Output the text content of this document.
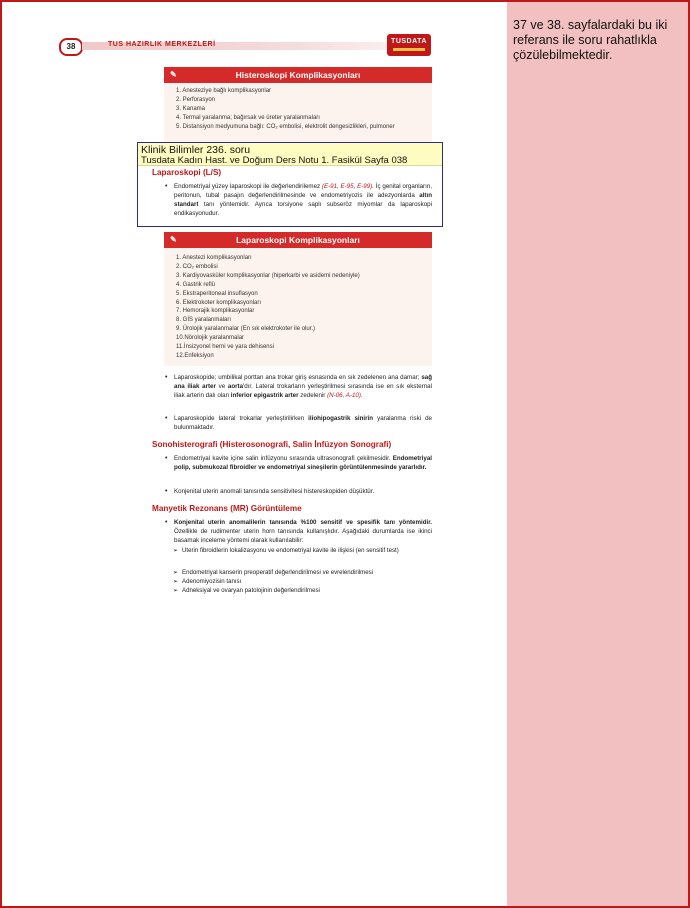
37 ve 38. sayfalardaki bu iki referans ile soru rahatlıkla çözülebilmektedir.
38	TUS HAZIRLIK MERKEZLERİ	TUSDATA
✎	Histeroskopi Komplikasyonları
1. Anesteziye bağlı komplikasyonlar
2. Perforasyon
3. Kanama
4. Termal yaralanma; bağırsak ve üreter yaralanmaları
5. Distansiyon medyumuna bağlı: CO₂ embolisi, elektrolit dengesizlikleri, pulmoner
Klinik Bilimler 236. soru
Tusdata Kadın Hast. ve Doğum Ders Notu 1. Fasikül Sayfa 038
Laparoskopi (L/S)
• Endometriyal yüzey laparoskopi ile değerlendirilemez (E-91, E-95, E-99). İç genital organların, peritonun, tubal pasajın değerlendirilmesinde ve endometriyozis ile adezyonlarda altın standart tanı yöntemidir. Ayrıca torsiyone saplı subseröz miyomlar da laparoskopi endikasyonudur.
✎	Laparoskopi Komplikasyonları
1. Anestezi komplikasyonları
2. CO₂ embolisi
3. Kardiyovasküler komplikasyonlar (hiperkarbi ve asidemi nedeniyle)
4. Gastrik reflü
5. Ekstraperitoneal insuflasyon
6. Elektrokoter komplikasyonları
7. Hemorajik komplikasyonlar
8. GİS yaralanmaları
9. Ürolojik yaralanmalar (En sık elektrokoter ile olur.)
10.Nörolojik yaralanmalar
11.İnsizyonel herni ve yara dehisensi
12.Enfeksiyon
• Laparoskopide; umbilikal porttan ana trokar giriş esnasında en sık zedelenen ana damar; sağ ana iliak arter ve aorta'dır. Lateral trokarların yerleştirilmesi sırasında ise en sık eksternal iliak arterin dalı olan inferior epigastrik arter zedelenir (N-06, A-10).
• Laparoskopide lateral trokarlar yerleştirilirken iliohipogastrik sinirin yaralanma riski de bulunmaktadır.
Sonohisterografi (Histerosonografi, Salin İnfüzyon Sonografi)
• Endometriyal kavite içine salin infüzyonu sırasında ultrasonografi çekilmesidir. Endometriyal polip, submukozal fibroidler ve endometriyal sineşilerin görüntülenmesinde yararlıdır.
• Konjenital uterin anomali tanısında sensitivitesi histereskopiden düşüktür.
Manyetik Rezonans (MR) Görüntüleme
• Konjenital uterin anomalilerin tanısında %100 sensitif ve spesifik tanı yöntemidir. Özellikle de rudimenter uterin horn tanısında kullanışlıdır. Aşağıdaki durumlarda ise ikinci basamak inceleme yöntemi olarak kullanılabilir:
➢ Uterin fibroidlerin lokalizasyonu ve endometriyal kavite ile ilişkisi (en sensitif test)
➢ Endometriyal kanserin preoperatif değerlendirilmesi ve evrelendirilmesi
➢ Adenomiyozisin tanısı
➢ Adneksiyal ve ovaryan patolojinin değerlendirilmesi
